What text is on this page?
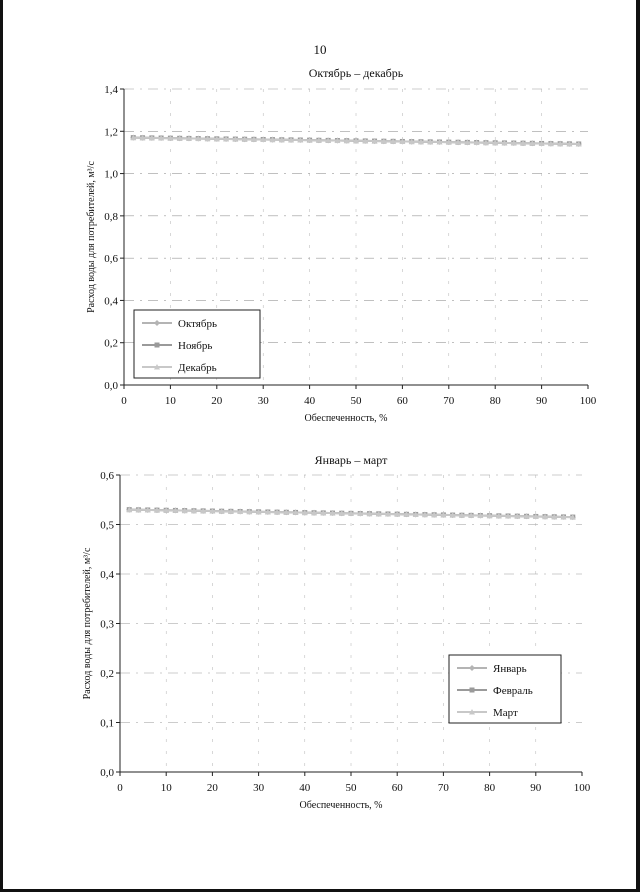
10
Октябрь – декабрь
0,0
0,2
0,4
0,6
0,8
1,0
1,2
1,4
0	10	20	30	40	50	60	70	80	90	100
Обеспеченность, %
Расход воды для потребителей, м³/с
Октябрь
Ноябрь
Декабрь
Январь – март
0,0
0,1
0,2
0,3
0,4
0,5
0,6
0	10	20	30	40	50	60	70	80	90	100
Обеспеченность, %
Расход воды для потребителей, м³/с	Январь
Февраль
Март
